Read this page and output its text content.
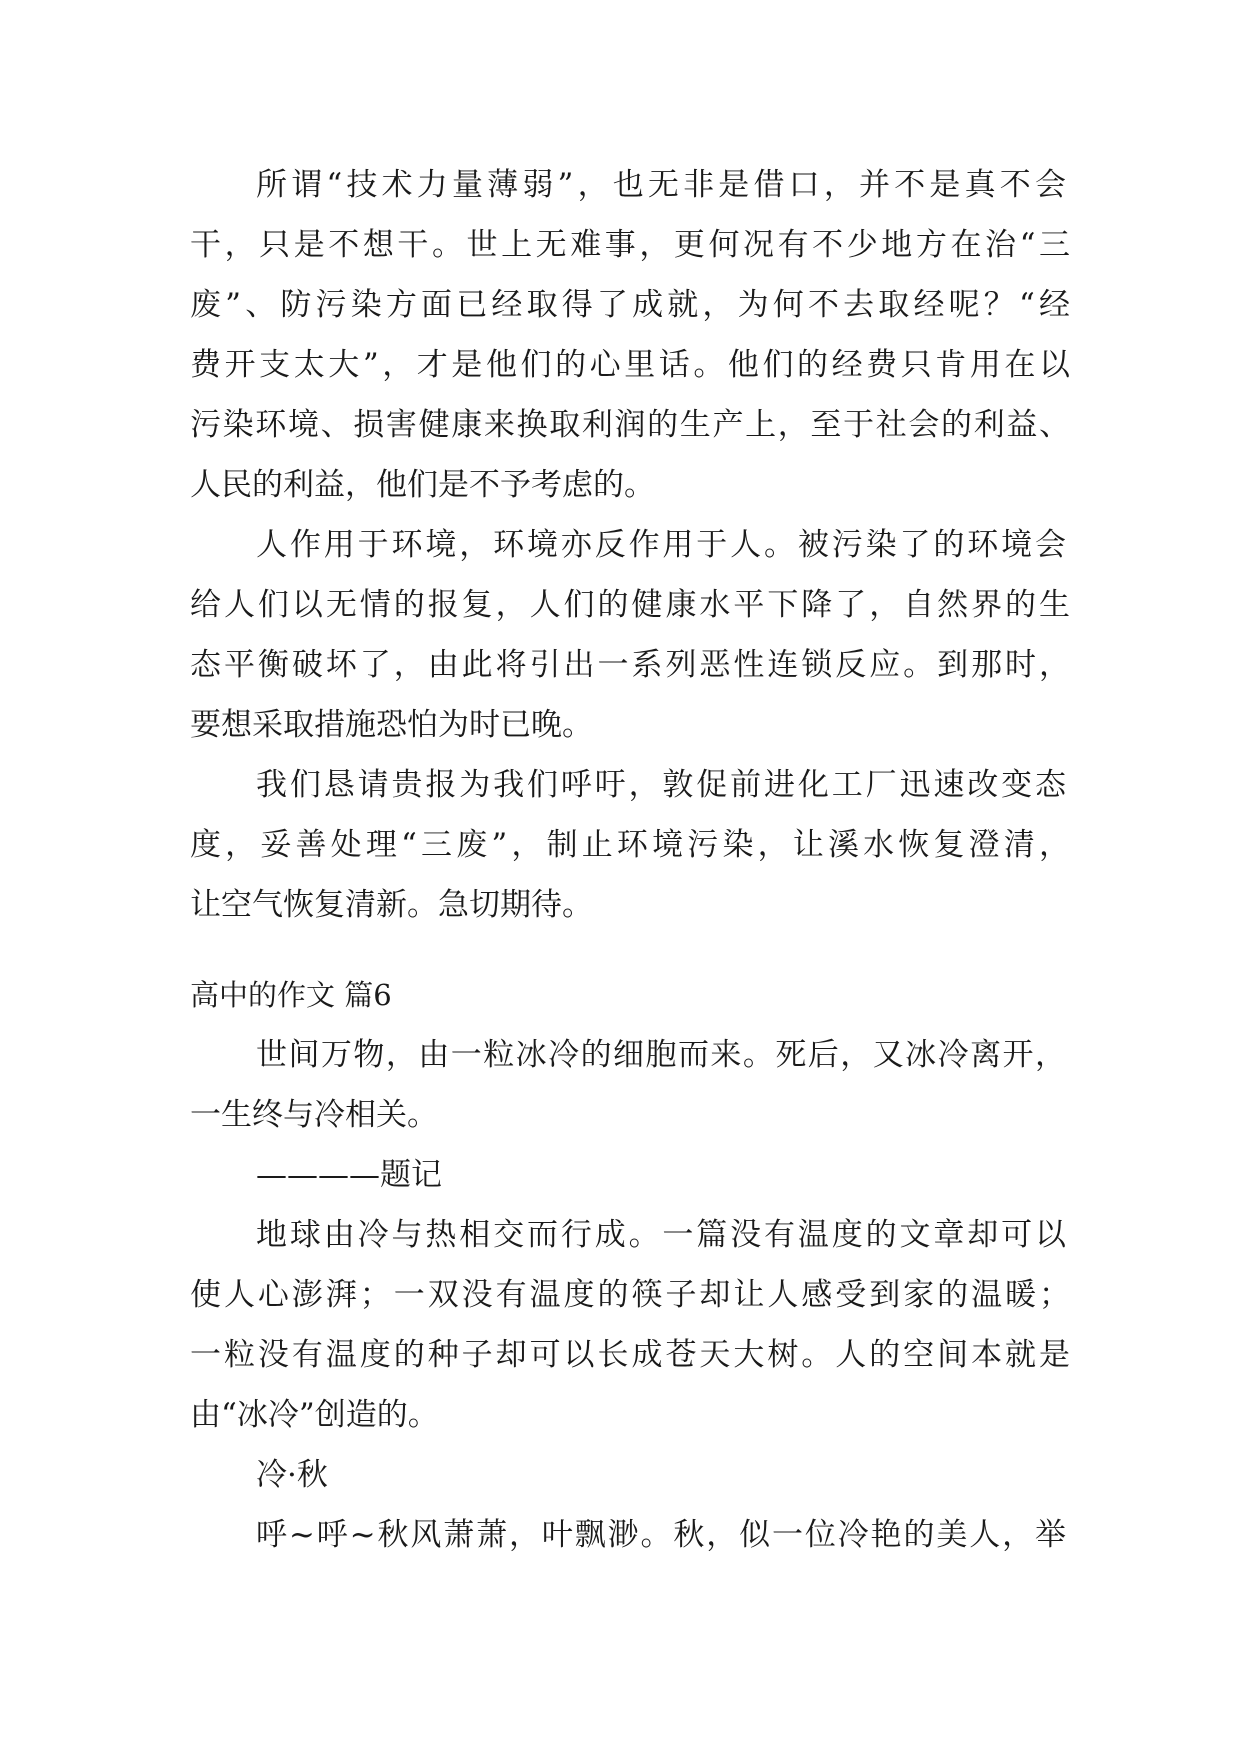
所谓“技术力量薄弱”，也无非是借口，并不是真不会
干，只是不想干。世上无难事，更何况有不少地方在治“三
废”、防污染方面已经取得了成就，为何不去取经呢？“经
费开支太大”，才是他们的心里话。他们的经费只肯用在以
污染环境、损害健康来换取利润的生产上，至于社会的利益、
人民的利益，他们是不予考虑的。
人作用于环境，环境亦反作用于人。被污染了的环境会
给人们以无情的报复，人们的健康水平下降了，自然界的生
态平衡破坏了，由此将引出一系列恶性连锁反应。到那时，
要想采取措施恐怕为时已晚。
我们恳请贵报为我们呼吁，敦促前进化工厂迅速改变态
度，妥善处理“三废”，制止环境污染，让溪水恢复澄清，
让空气恢复清新。急切期待。
高中的作文 篇6
世间万物，由一粒冰冷的细胞而来。死后，又冰冷离开，
一生终与冷相关。
————题记
地球由冷与热相交而行成。一篇没有温度的文章却可以
使人心澎湃；一双没有温度的筷子却让人感受到家的温暖；
一粒没有温度的种子却可以长成苍天大树。人的空间本就是
由“冰冷”创造的。
冷·秋
呼~呼~秋风萧萧，叶飘渺。秋，似一位冷艳的美人，举
